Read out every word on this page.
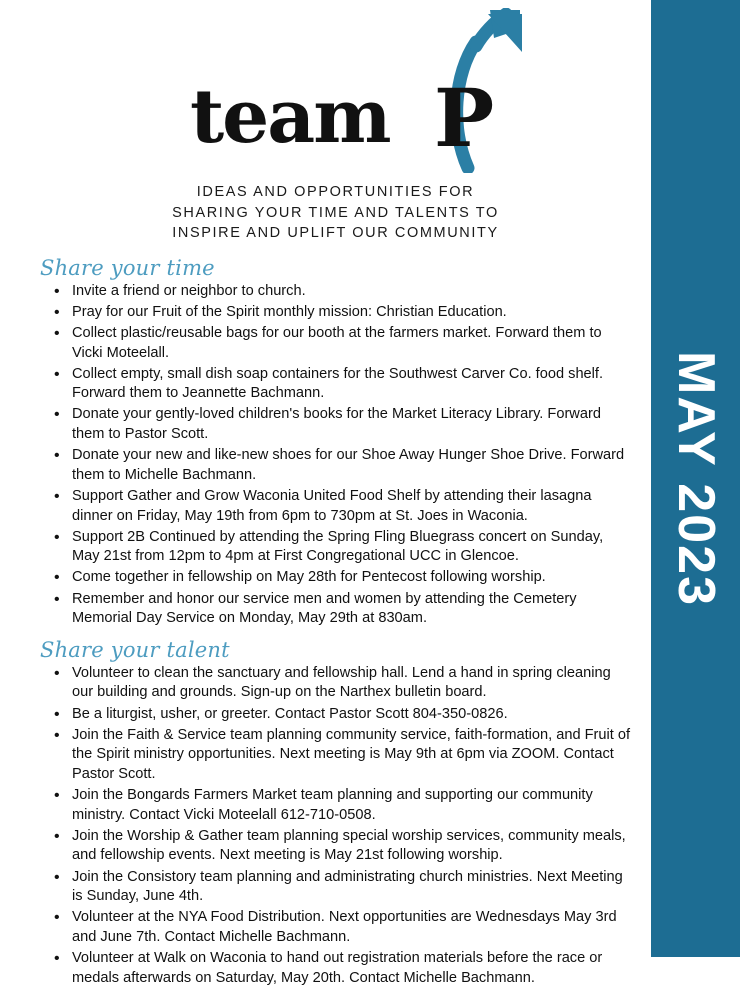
team P
IDEAS AND OPPORTUNITIES FOR
SHARING YOUR TIME AND TALENTS TO
INSPIRE AND UPLIFT OUR COMMUNITY
Share your time
• Invite a friend or neighbor to church.
• Pray for our Fruit of the Spirit monthly mission: Christian Education.
• Collect plastic/reusable bags for our booth at the farmers market. Forward them to Vicki Moteelall.
• Collect empty, small dish soap containers for the Southwest Carver Co. food shelf. Forward them to Jeannette Bachmann.
• Donate your gently-loved children's books for the Market Literacy Library. Forward them to Pastor Scott.
• Donate your new and like-new shoes for our Shoe Away Hunger Shoe Drive. Forward them to Michelle Bachmann.
• Support Gather and Grow Waconia United Food Shelf by attending their lasagna dinner on Friday, May 19th from 6pm to 730pm at St. Joes in Waconia.
• Support 2B Continued by attending the Spring Fling Bluegrass concert on Sunday, May 21st from 12pm to 4pm at First Congregational UCC in Glencoe.
• Come together in fellowship on May 28th for Pentecost following worship.
• Remember and honor our service men and women by attending the Cemetery Memorial Day Service on Monday, May 29th at 830am.
Share your talent
• Volunteer to clean the sanctuary and fellowship hall. Lend a hand in spring cleaning our building and grounds. Sign-up on the Narthex bulletin board.
• Be a liturgist, usher, or greeter. Contact Pastor Scott 804-350-0826.
• Join the Faith & Service team planning community service, faith-formation, and Fruit of the Spirit ministry opportunities. Next meeting is May 9th at 6pm via ZOOM. Contact Pastor Scott.
• Join the Bongards Farmers Market team planning and supporting our community ministry. Contact Vicki Moteelall 612-710-0508.
• Join the Worship & Gather team planning special worship services, community meals, and fellowship events. Next meeting is May 21st following worship.
• Join the Consistory team planning and administrating church ministries. Next Meeting is Sunday, June 4th.
• Volunteer at the NYA Food Distribution. Next opportunities are Wednesdays May 3rd and June 7th. Contact Michelle Bachmann.
• Volunteer at Walk on Waconia to hand out registration materials before the race or medals afterwards on Saturday, May 20th. Contact Michelle Bachmann.
MAY 2023
